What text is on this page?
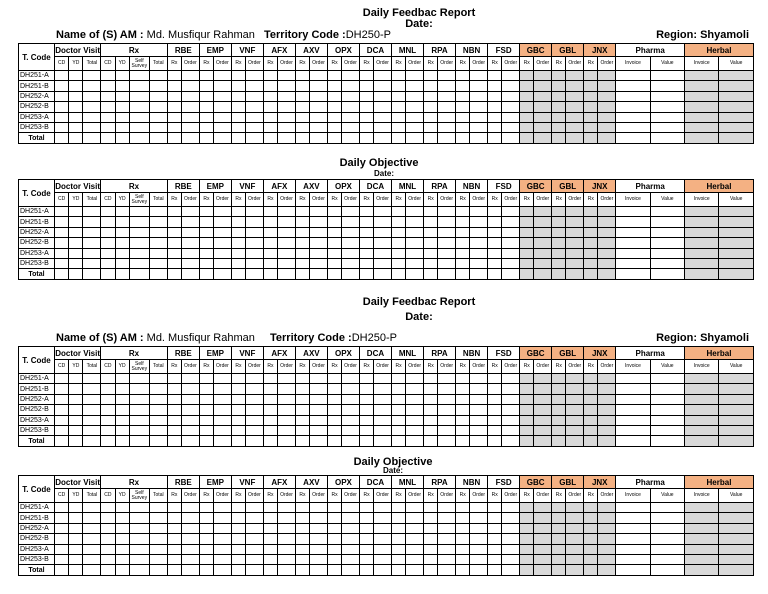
Daily Feedbac Report
Date:
Name of (S) AM : Md. Musfiqur Rahman Territory Code :DH250-P	Region: Shyamoli
T. Code	Doctor Visit			Rx				RBE		EMP		VNF		AFX		AXV		OPX		DCA		MNL		RPA		NBN		FSD		GBC		GBL		JNX		Pharma		Herbal	
	CD	YD	Total	CD	YD	Self Survey	Total	Rx	Order	Rx	Order	Rx	Order	Rx	Order	Rx	Order	Rx	Order	Rx	Order	Rx	Order	Rx	Order	Rx	Order	Rx	Order	Rx	Order	Rx	Order	Rx	Order	Invoice	Value	Invoice	Value
DH251-A																																							
DH251-B																																							
DH252-A																																							
DH252-B																																							
DH253-A																																							
DH253-B																																							
Total																																							
Daily Objective
Date:
T. Code	Doctor Visit			Rx				RBE		EMP		VNF		AFX		AXV		OPX		DCA		MNL		RPA		NBN		FSD		GBC		GBL		JNX		Pharma		Herbal	
	CD	YD	Total	CD	YD	Self Survey	Total	Rx	Order	Rx	Order	Rx	Order	Rx	Order	Rx	Order	Rx	Order	Rx	Order	Rx	Order	Rx	Order	Rx	Order	Rx	Order	Rx	Order	Rx	Order	Rx	Order	Invoice	Value	Invoice	Value
DH251-A																																							
DH251-B																																							
DH252-A																																							
DH252-B																																							
DH253-A																																							
DH253-B																																							
Total																																							
Daily Feedbac Report
Date:
Name of (S) AM : Md. Musfiqur Rahman Territory Code :DH250-P	Region: Shyamoli
T. Code	Doctor Visit			Rx				RBE		EMP		VNF		AFX		AXV		OPX		DCA		MNL		RPA		NBN		FSD		GBC		GBL		JNX		Pharma		Herbal	
	CD	YD	Total	CD	YD	Self Survey	Total	Rx	Order	Rx	Order	Rx	Order	Rx	Order	Rx	Order	Rx	Order	Rx	Order	Rx	Order	Rx	Order	Rx	Order	Rx	Order	Rx	Order	Rx	Order	Rx	Order	Invoice	Value	Invoice	Value
DH251-A																																							
DH251-B																																							
DH252-A																																							
DH252-B																																							
DH253-A																																							
DH253-B																																							
Total																																							
Daily Objective
Date:
T. Code	Doctor Visit			Rx				RBE		EMP		VNF		AFX		AXV		OPX		DCA		MNL		RPA		NBN		FSD		GBC		GBL		JNX		Pharma		Herbal	
	CD	YD	Total	CD	YD	Self Survey	Total	Rx	Order	Rx	Order	Rx	Order	Rx	Order	Rx	Order	Rx	Order	Rx	Order	Rx	Order	Rx	Order	Rx	Order	Rx	Order	Rx	Order	Rx	Order	Rx	Order	Invoice	Value	Invoice	Value
DH251-A																																							
DH251-B																																							
DH252-A																																							
DH252-B																																							
DH253-A																																							
DH253-B																																							
Total																																							
